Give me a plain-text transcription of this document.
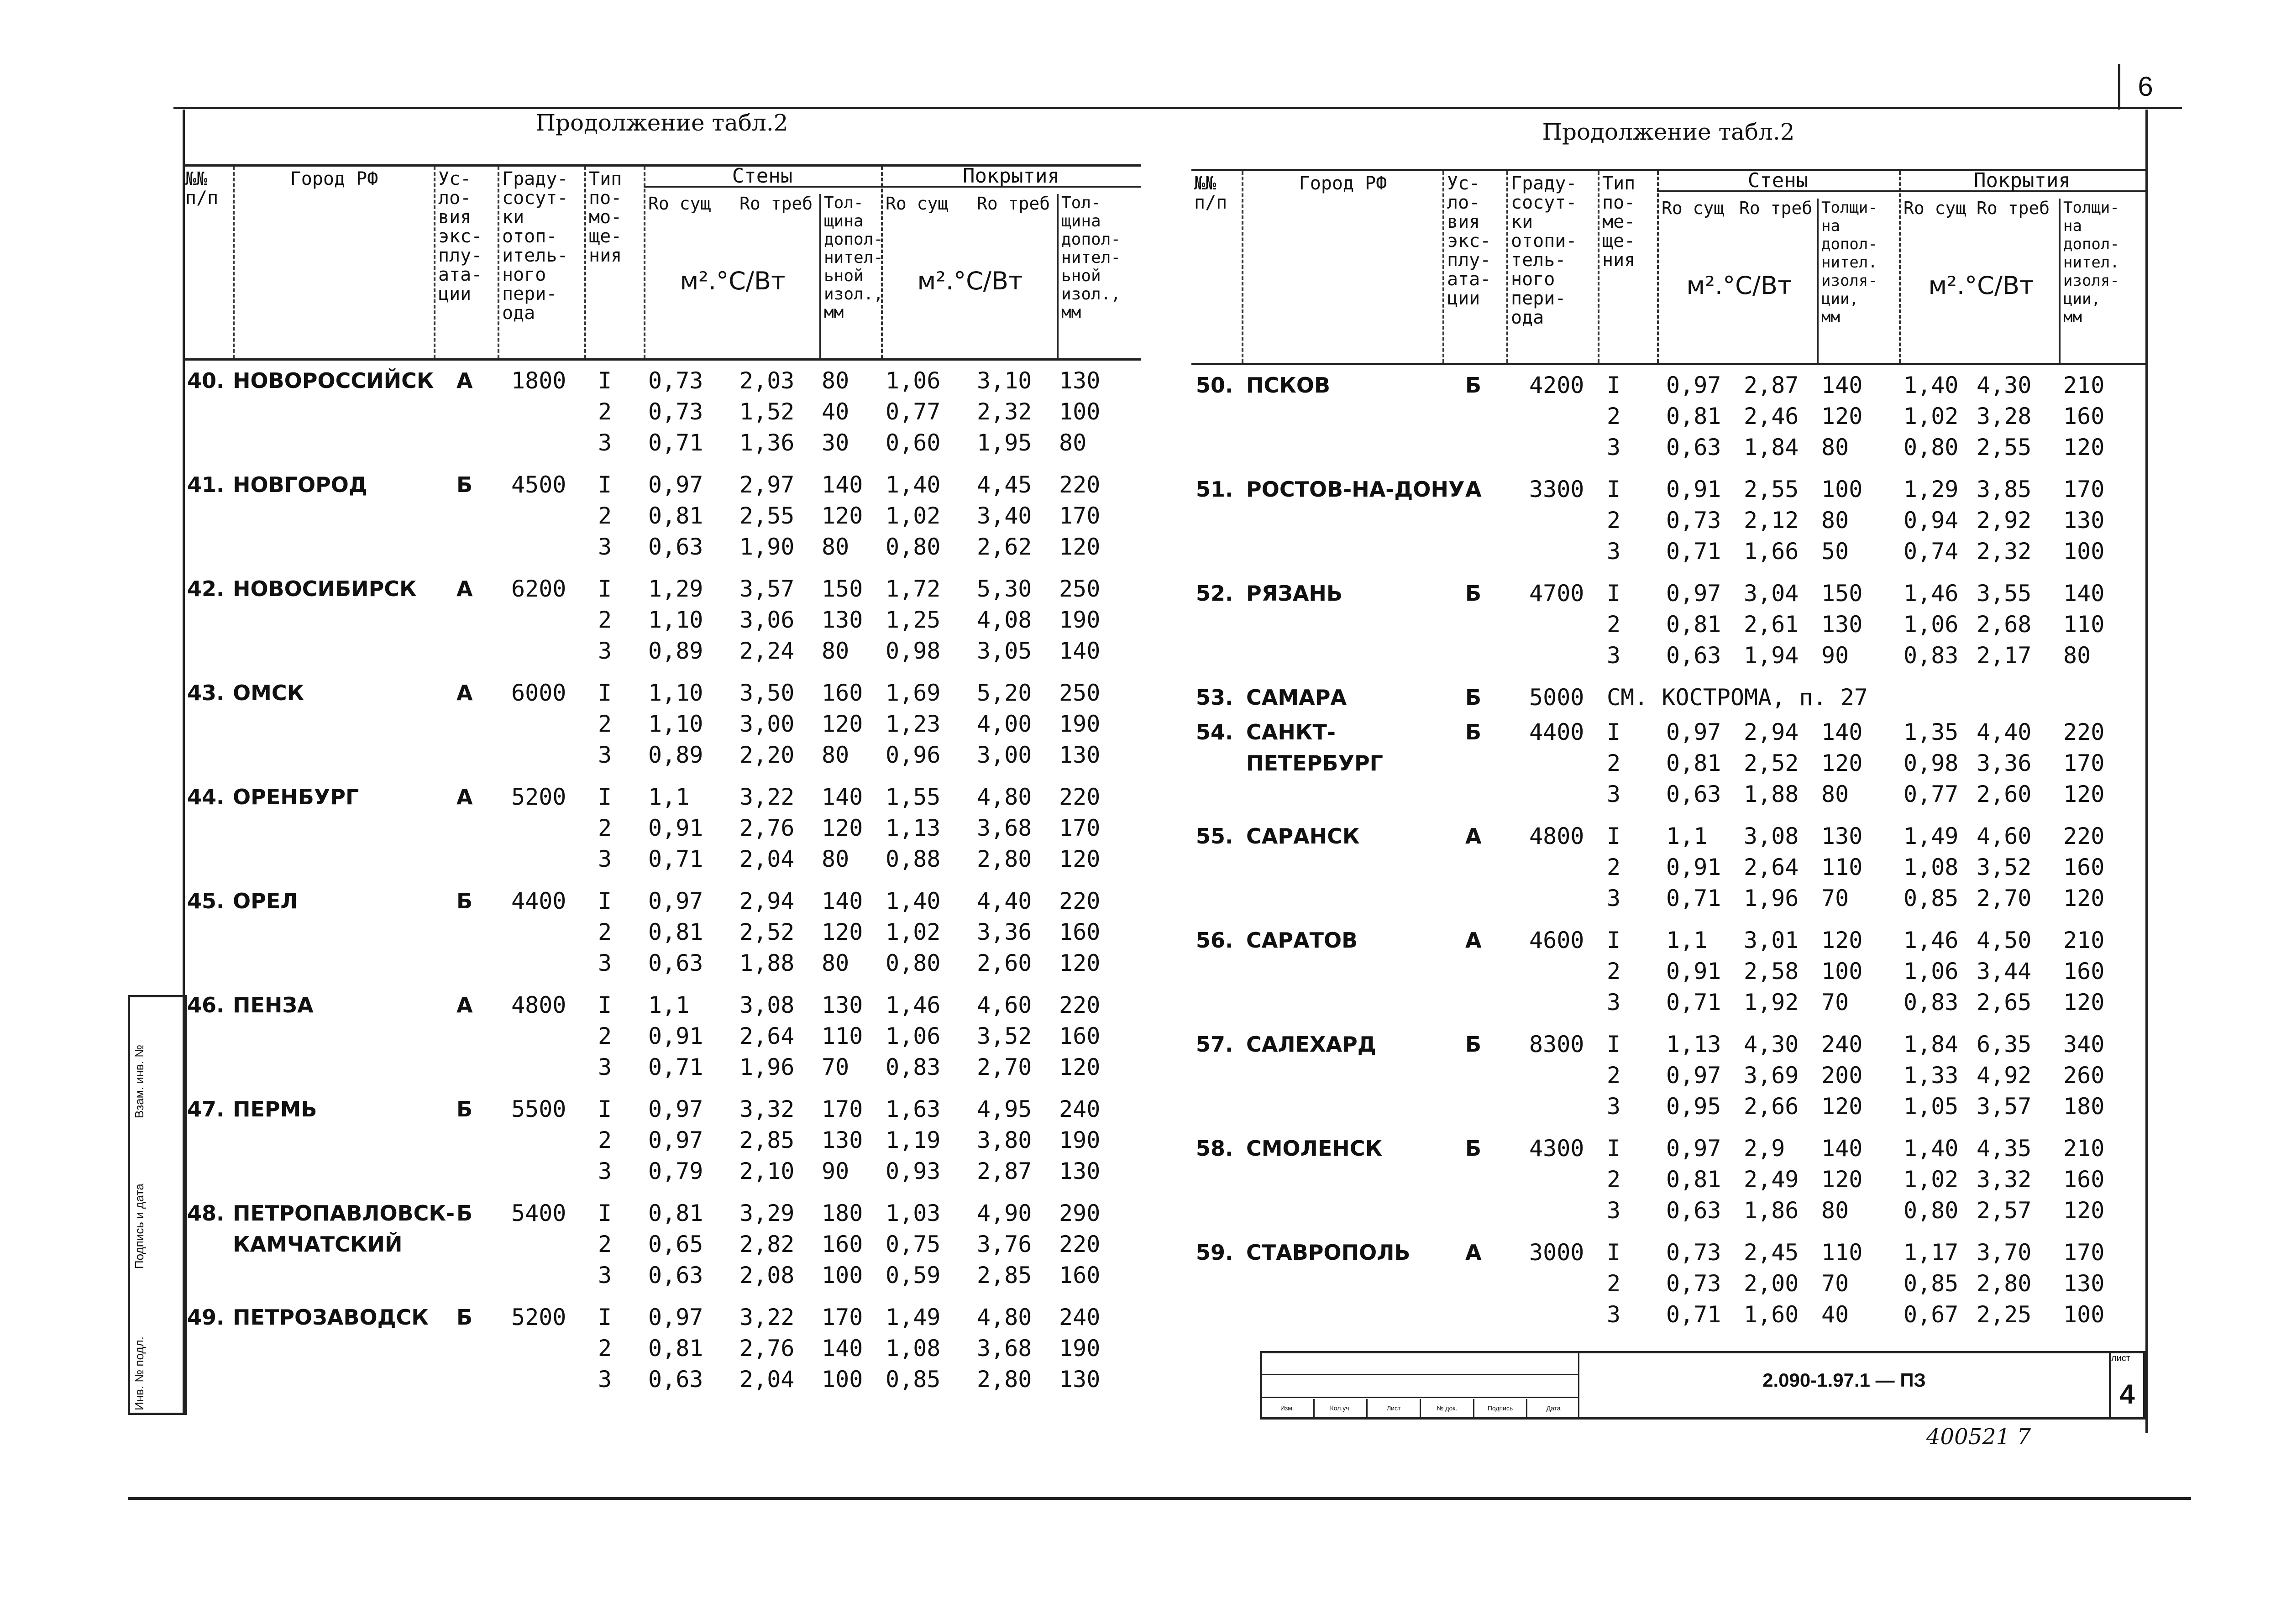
6
Инв. № подл.
Подпись и дата
Взам. инв. №
Продолжение табл.2
№№
п/п
Город РФ	Ус-
ло-
вия
экс-
плу-
ата-
ции
Граду-
сосут-
ки
отоп-
итель-
ного
пери-
ода
Тип
по-
мо-
ще-
ния
Стены	Покрытия
Ro сущ Ro треб Тол-
щина
допол-
нител-
ьной
изол.,
мм
м².°C/Вт
Ro сущ Ro треб Тол-
щина
допол-
нител-
ьной
изол.,
мм
м².°C/Вт
40. НОВОРОССИЙСК А 1800 I 0,73 2,03 80 1,06 3,10 130
2 0,73 1,52 40 0,77 2,32 100
3 0,71 1,36 30 0,60 1,95 80
41. НОВГОРОД	Б 4500 I 0,97 2,97 140 1,40 4,45 220
2 0,81 2,55 120 1,02 3,40 170
3 0,63 1,90 80 0,80 2,62 120
42. НОВОСИБИРСК А 6200 I 1,29 3,57 150 1,72 5,30 250
2 1,10 3,06 130 1,25 4,08 190
3 0,89 2,24 80 0,98 3,05 140
43. ОМСК	А 6000 I 1,10 3,50 160 1,69 5,20 250
2 1,10 3,00 120 1,23 4,00 190
3 0,89 2,20 80 0,96 3,00 130
44. ОРЕНБУРГ	А 5200 I 1,1 3,22 140 1,55 4,80 220
2 0,91 2,76 120 1,13 3,68 170
3 0,71 2,04 80 0,88 2,80 120
45. ОРЕЛ	Б 4400 I 0,97 2,94 140 1,40 4,40 220
2 0,81 2,52 120 1,02 3,36 160
3 0,63 1,88 80 0,80 2,60 120
46. ПЕНЗА	А 4800 I 1,1 3,08 130 1,46 4,60 220
2 0,91 2,64 110 1,06 3,52 160
3 0,71 1,96 70 0,83 2,70 120
47. ПЕРМЬ	Б 5500 I 0,97 3,32 170 1,63 4,95 240
2 0,97 2,85 130 1,19 3,80 190
3 0,79 2,10 90 0,93 2,87 130
48. ПЕТРОПАВЛОВСК-
КАМЧАТСКИЙ
Б 5400 I 0,81 3,29 180 1,03 4,90 290
2 0,65 2,82 160 0,75 3,76 220
3 0,63 2,08 100 0,59 2,85 160
49. ПЕТРОЗАВОДСК Б 5200 I 0,97 3,22 170 1,49 4,80 240
2 0,81 2,76 140 1,08 3,68 190
3 0,63 2,04 100 0,85 2,80 130
Продолжение табл.2
№№
п/п
Город РФ	Ус-
ло-
вия
экс-
плу-
ата-
ции
Граду-
сосут-
ки
отопи-
тель-
ного
пери-
ода
Тип
по-
ме-
ще-
ния
Стены	Покрытия
Ro сущ Ro треб Толщи-
на
допол-
нител.
изоля-
ции,
мм
м².°C/Вт
Ro сущ Ro треб Толщи-
на
допол-
нител.
изоля-
ции,
мм
м².°C/Вт
50. ПСКОВ	Б 4200 I 0,97 2,87 140 1,40 4,30 210
2 0,81 2,46 120 1,02 3,28 160
3 0,63 1,84 80 0,80 2,55 120
51. РОСТОВ-НА-ДОНУ А 3300 I 0,91 2,55 100 1,29 3,85 170
2 0,73 2,12 80 0,94 2,92 130
3 0,71 1,66 50 0,74 2,32 100
52. РЯЗАНЬ	Б 4700 I 0,97 3,04 150 1,46 3,55 140
2 0,81 2,61 130 1,06 2,68 110
3 0,63 1,94 90 0,83 2,17 80
53. САМАРА	Б 5000 СМ. КОСТРОМА, п. 27
54. САНКТ-
ПЕТЕРБУРГ
Б 4400 I 0,97 2,94 140 1,35 4,40 220
2 0,81 2,52 120 0,98 3,36 170
3 0,63 1,88 80 0,77 2,60 120
55. САРАНСК	А 4800 I 1,1 3,08 130 1,49 4,60 220
2 0,91 2,64 110 1,08 3,52 160
3 0,71 1,96 70 0,85 2,70 120
56. САРАТОВ	А 4600 I 1,1 3,01 120 1,46 4,50 210
2 0,91 2,58 100 1,06 3,44 160
3 0,71 1,92 70 0,83 2,65 120
57. САЛЕХАРД	Б 8300 I 1,13 4,30 240 1,84 6,35 340
2 0,97 3,69 200 1,33 4,92 260
3 0,95 2,66 120 1,05 3,57 180
58. СМОЛЕНСК	Б 4300 I 0,97 2,9 140 1,40 4,35 210
2 0,81 2,49 120 1,02 3,32 160
3 0,63 1,86 80 0,80 2,57 120
59. СТАВРОПОЛЬ	А 3000 I 0,73 2,45 110 1,17 3,70 170
2 0,73 2,00 70 0,85 2,80 130
3 0,71 1,60 40 0,67 2,25 100
Изм.	Кол.уч.	Лист	№ док.	Подпись	Дата
2.090-1.97.1 — ПЗ
лист
4
400521 7
